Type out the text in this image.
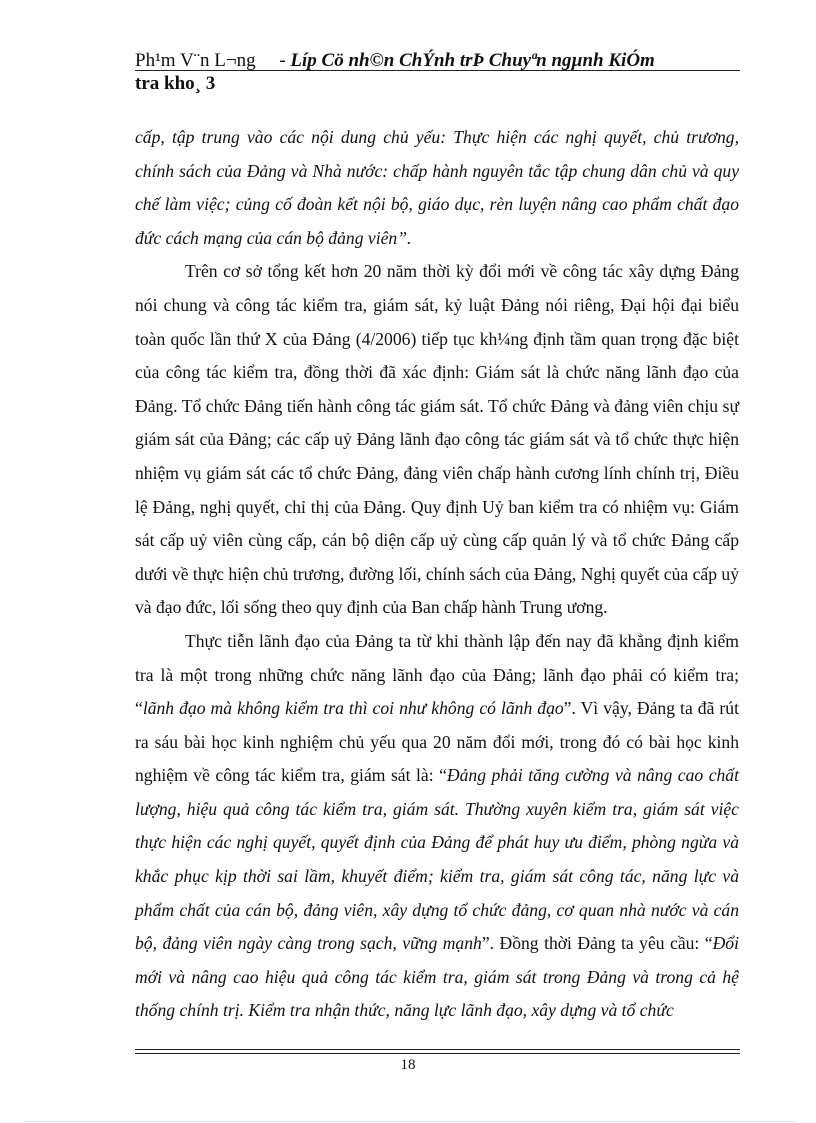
Ph¹m V¨n L¬ng     - Líp Cö nh©n ChÝnh trÞ Chuyªn ngµnh KiÓm
tra kho¸ 3

cấp, tập trung vào các nội dung chủ yếu: Thực hiện các nghị quyết, chủ trương, chính sách của Đảng và Nhà nước: chấp hành nguyên tắc tập chung dân chủ và quy chế làm việc; củng cố đoàn kết nội bộ, giáo dục, rèn luyện nâng cao phẩm chất đạo đức cách mạng của cán bộ đảng viên”.

Trên cơ sở tổng kết hơn 20 năm thời kỳ đổi mới về công tác xây dựng Đảng nói chung và công tác kiểm tra, giám sát, kỷ luật Đảng nói riêng, Đại hội đại biểu toàn quốc lần thứ X của Đảng (4/2006) tiếp tục kh¼ng định tầm quan trọng đặc biệt của công tác kiểm tra, đồng thời đã xác định: Giám sát là chức năng lãnh đạo của Đảng. Tổ chức Đảng tiến hành công tác giám sát. Tổ chức Đảng và đảng viên chịu sự giám sát của Đảng; các cấp uỷ Đảng lãnh đạo công tác giám sát và tổ chức thực hiện nhiệm vụ giám sát các tổ chức Đảng, đảng viên chấp hành cương lính chính trị, Điều lệ Đảng, nghị quyết, chỉ thị của Đảng. Quy định Uỷ ban kiểm tra có nhiệm vụ: Giám sát cấp uỷ viên cùng cấp, cán bộ diện cấp uỷ cùng cấp quản lý và tổ chức Đảng cấp dưới về thực hiện chủ trương, đường lối, chính sách của Đảng, Nghị quyết của cấp uỷ và đạo đức, lối sống theo quy định của Ban chấp hành Trung ương.

Thực tiễn lãnh đạo của Đảng ta từ khi thành lập đến nay đã khẳng định kiểm tra là một trong những chức năng lãnh đạo của Đảng; lãnh đạo phải có kiểm tra; “lãnh đạo mà không kiểm tra thì coi như không có lãnh đạo”. Vì vậy, Đảng ta đã rút ra sáu bài học kinh nghiệm chủ yếu qua 20 năm đổi mới, trong đó có bài học kinh nghiệm về công tác kiểm tra, giám sát là: “Đảng phải tăng cường và nâng cao chất lượng, hiệu quả công tác kiểm tra, giám sát. Thường xuyên kiểm tra, giám sát việc thực hiện các nghị quyết, quyết định của Đảng để phát huy ưu điểm, phòng ngừa và khắc phục kịp thời sai lầm, khuyết điểm; kiểm tra, giám sát công tác, năng lực và phẩm chất của cán bộ, đảng viên, xây dựng tổ chức đảng, cơ quan nhà nước và cán bộ, đảng viên ngày càng trong sạch, vững mạnh”. Đồng thời Đảng ta yêu cầu: “Đổi mới và nâng cao hiệu quả công tác kiểm tra, giám sát trong Đảng và trong cả hệ thống chính trị. Kiểm tra nhận thức, năng lực lãnh đạo, xây dựng và tổ chức

18
